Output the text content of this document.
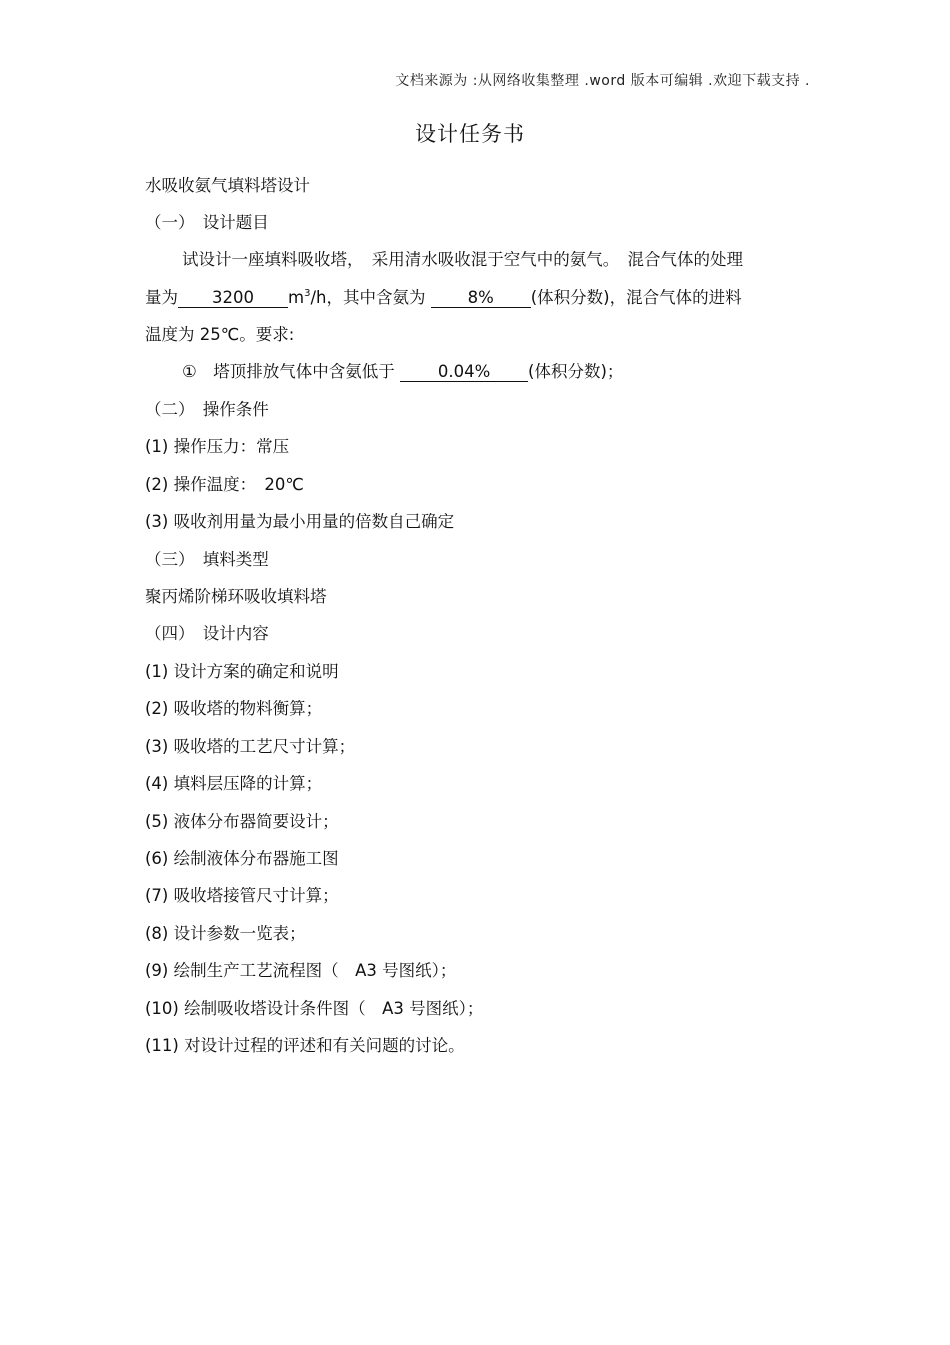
文档来源为 :从网络收集整理 .word 版本可编辑 .欢迎下载支持 .
设计任务书
水吸收氨气填料塔设计
（一）　设计题目
试设计一座填料吸收塔，　采用清水吸收混于空气中的氨气。　混合气体的处理
量为 3200 $m^3/h$，其中含氨为	8% (体积分数)，混合气体的进料
温度为 25℃。要求:
①　塔顶排放气体中含氨低于	0.04% (体积分数)；
（二）　操作条件
(1) 操作压力：常压
(2) 操作温度：　20℃
(3) 吸收剂用量为最小用量的倍数自己确定
（三）　填料类型
聚丙烯阶梯环吸收填料塔
（四）　设计内容
(1) 设计方案的确定和说明
(2) 吸收塔的物料衡算；
(3) 吸收塔的工艺尺寸计算；
(4) 填料层压降的计算；
(5) 液体分布器简要设计；
(6) 绘制液体分布器施工图
(7) 吸收塔接管尺寸计算；
(8) 设计参数一览表；
(9) 绘制生产工艺流程图（　A3 号图纸）；
(10) 绘制吸收塔设计条件图（　A3 号图纸）；
(11) 对设计过程的评述和有关问题的讨论。
